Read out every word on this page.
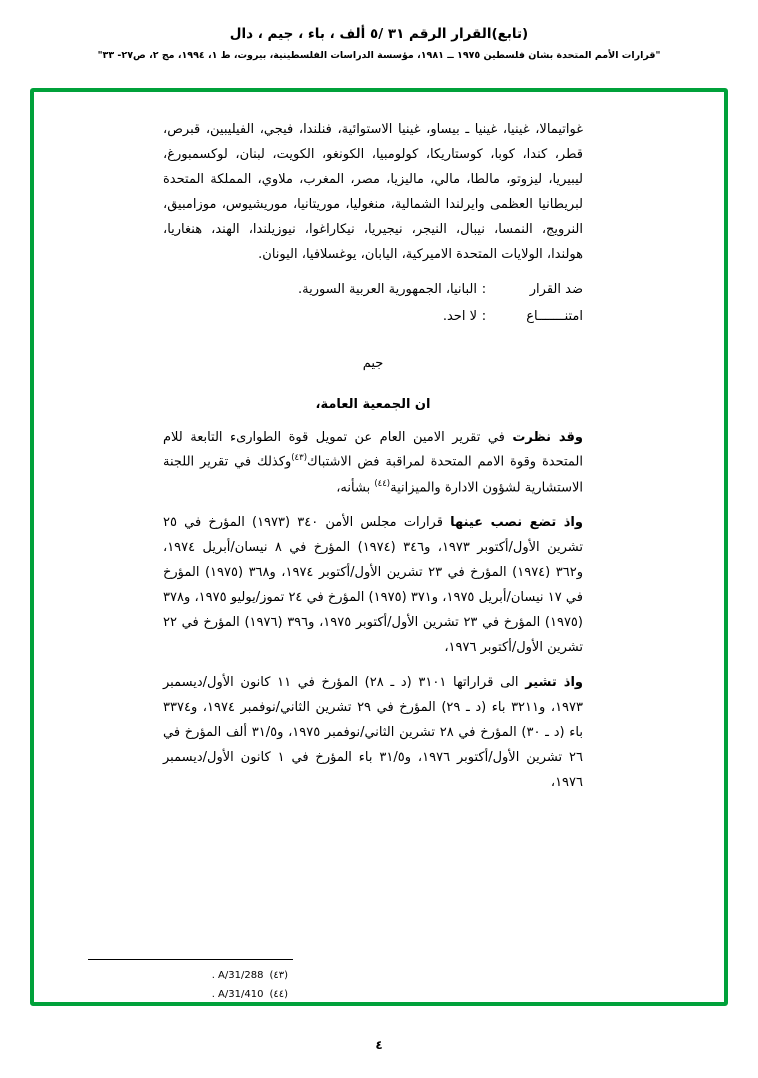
(تابع)القرار الرقم ٣١ /٥ ألف ، باء ، جيم ، دال
"قرارات الأمم المتحدة بشان فلسطين ١٩٧٥ ــ ١٩٨١، مؤسسة الدراسات الفلسطينية، بيروت، ط ١، ١٩٩٤، مج ٢، ص٢٧- ٣٣"
غواتيمالا، غينيا، غينيا ـ بيساو، غينيا الاستوائية، فنلندا، فيجي، الفيليبين، قبرص، قطر، كندا، كوبا، كوستاريكا، كولومبيا، الكونغو، الكويت، لبنان، لوكسمبورغ، ليبيريا، ليزوتو، مالطا، مالي، ماليزيا، مصر، المغرب، ملاوي، المملكة المتحدة لبريطانيا العظمى وايرلندا الشمالية، منغوليا، موريتانيا، موريشيوس، موزامبيق، النرويج، النمسا، نيبال، النيجر، نيجيريا، نيكاراغوا، نيوزيلندا، الهند، هنغاريا، هولندا، الولايات المتحدة الاميركية، اليابان، يوغسلافيا، اليونان.
ضد القرار
:
البانيا، الجمهورية العربية السورية.
امتنـــــــاع
:
لا احد.
جيم
ان الجمعية العامة،
وقد نظرت في تقرير الامين العام عن تمويل قوة الطوارىء التابعة للام المتحدة وقوة الامم المتحدة لمراقبة فض الاشتباك$^{(٤٣)}$وكذلك في تقرير اللجنة الاستشارية لشؤون الادارة والميزانية$^{(٤٤)}$ بشأنه،
واذ تضع نصب عينها قرارات مجلس الأمن ٣٤٠ (١٩٧٣) المؤرخ في ٢٥ تشرين الأول/أكتوبر ١٩٧٣، و٣٤٦ (١٩٧٤) المؤرخ في ٨ نيسان/أبريل ١٩٧٤، و٣٦٢ (١٩٧٤) المؤرخ في ٢٣ تشرين الأول/أكتوبر ١٩٧٤، و٣٦٨ (١٩٧٥) المؤرخ في ١٧ نيسان/أبريل ١٩٧٥، و٣٧١ (١٩٧٥) المؤرخ في ٢٤ تموز/يوليو ١٩٧٥، و٣٧٨ (١٩٧٥) المؤرخ في ٢٣ تشرين الأول/أكتوبر ١٩٧٥، و٣٩٦ (١٩٧٦) المؤرخ في ٢٢ تشرين الأول/أكتوبر ١٩٧٦،
واذ تشير الى قراراتها ٣١٠١ (د ـ ٢٨) المؤرخ في ١١ كانون الأول/ديسمبر ١٩٧٣، و٣٢١١ باء (د ـ ٢٩) المؤرخ في ٢٩ تشرين الثاني/نوفمبر ١٩٧٤، و٣٣٧٤ باء (د ـ ٣٠) المؤرخ في ٢٨ تشرين الثاني/نوفمبر ١٩٧٥، و٣١/٥ ألف المؤرخ في ٢٦ تشرين الأول/أكتوبر ١٩٧٦، و٣١/٥ باء المؤرخ في ١ كانون الأول/ديسمبر ١٩٧٦،
(٤٣)A/31/288 .
(٤٤)A/31/410 .
٤
